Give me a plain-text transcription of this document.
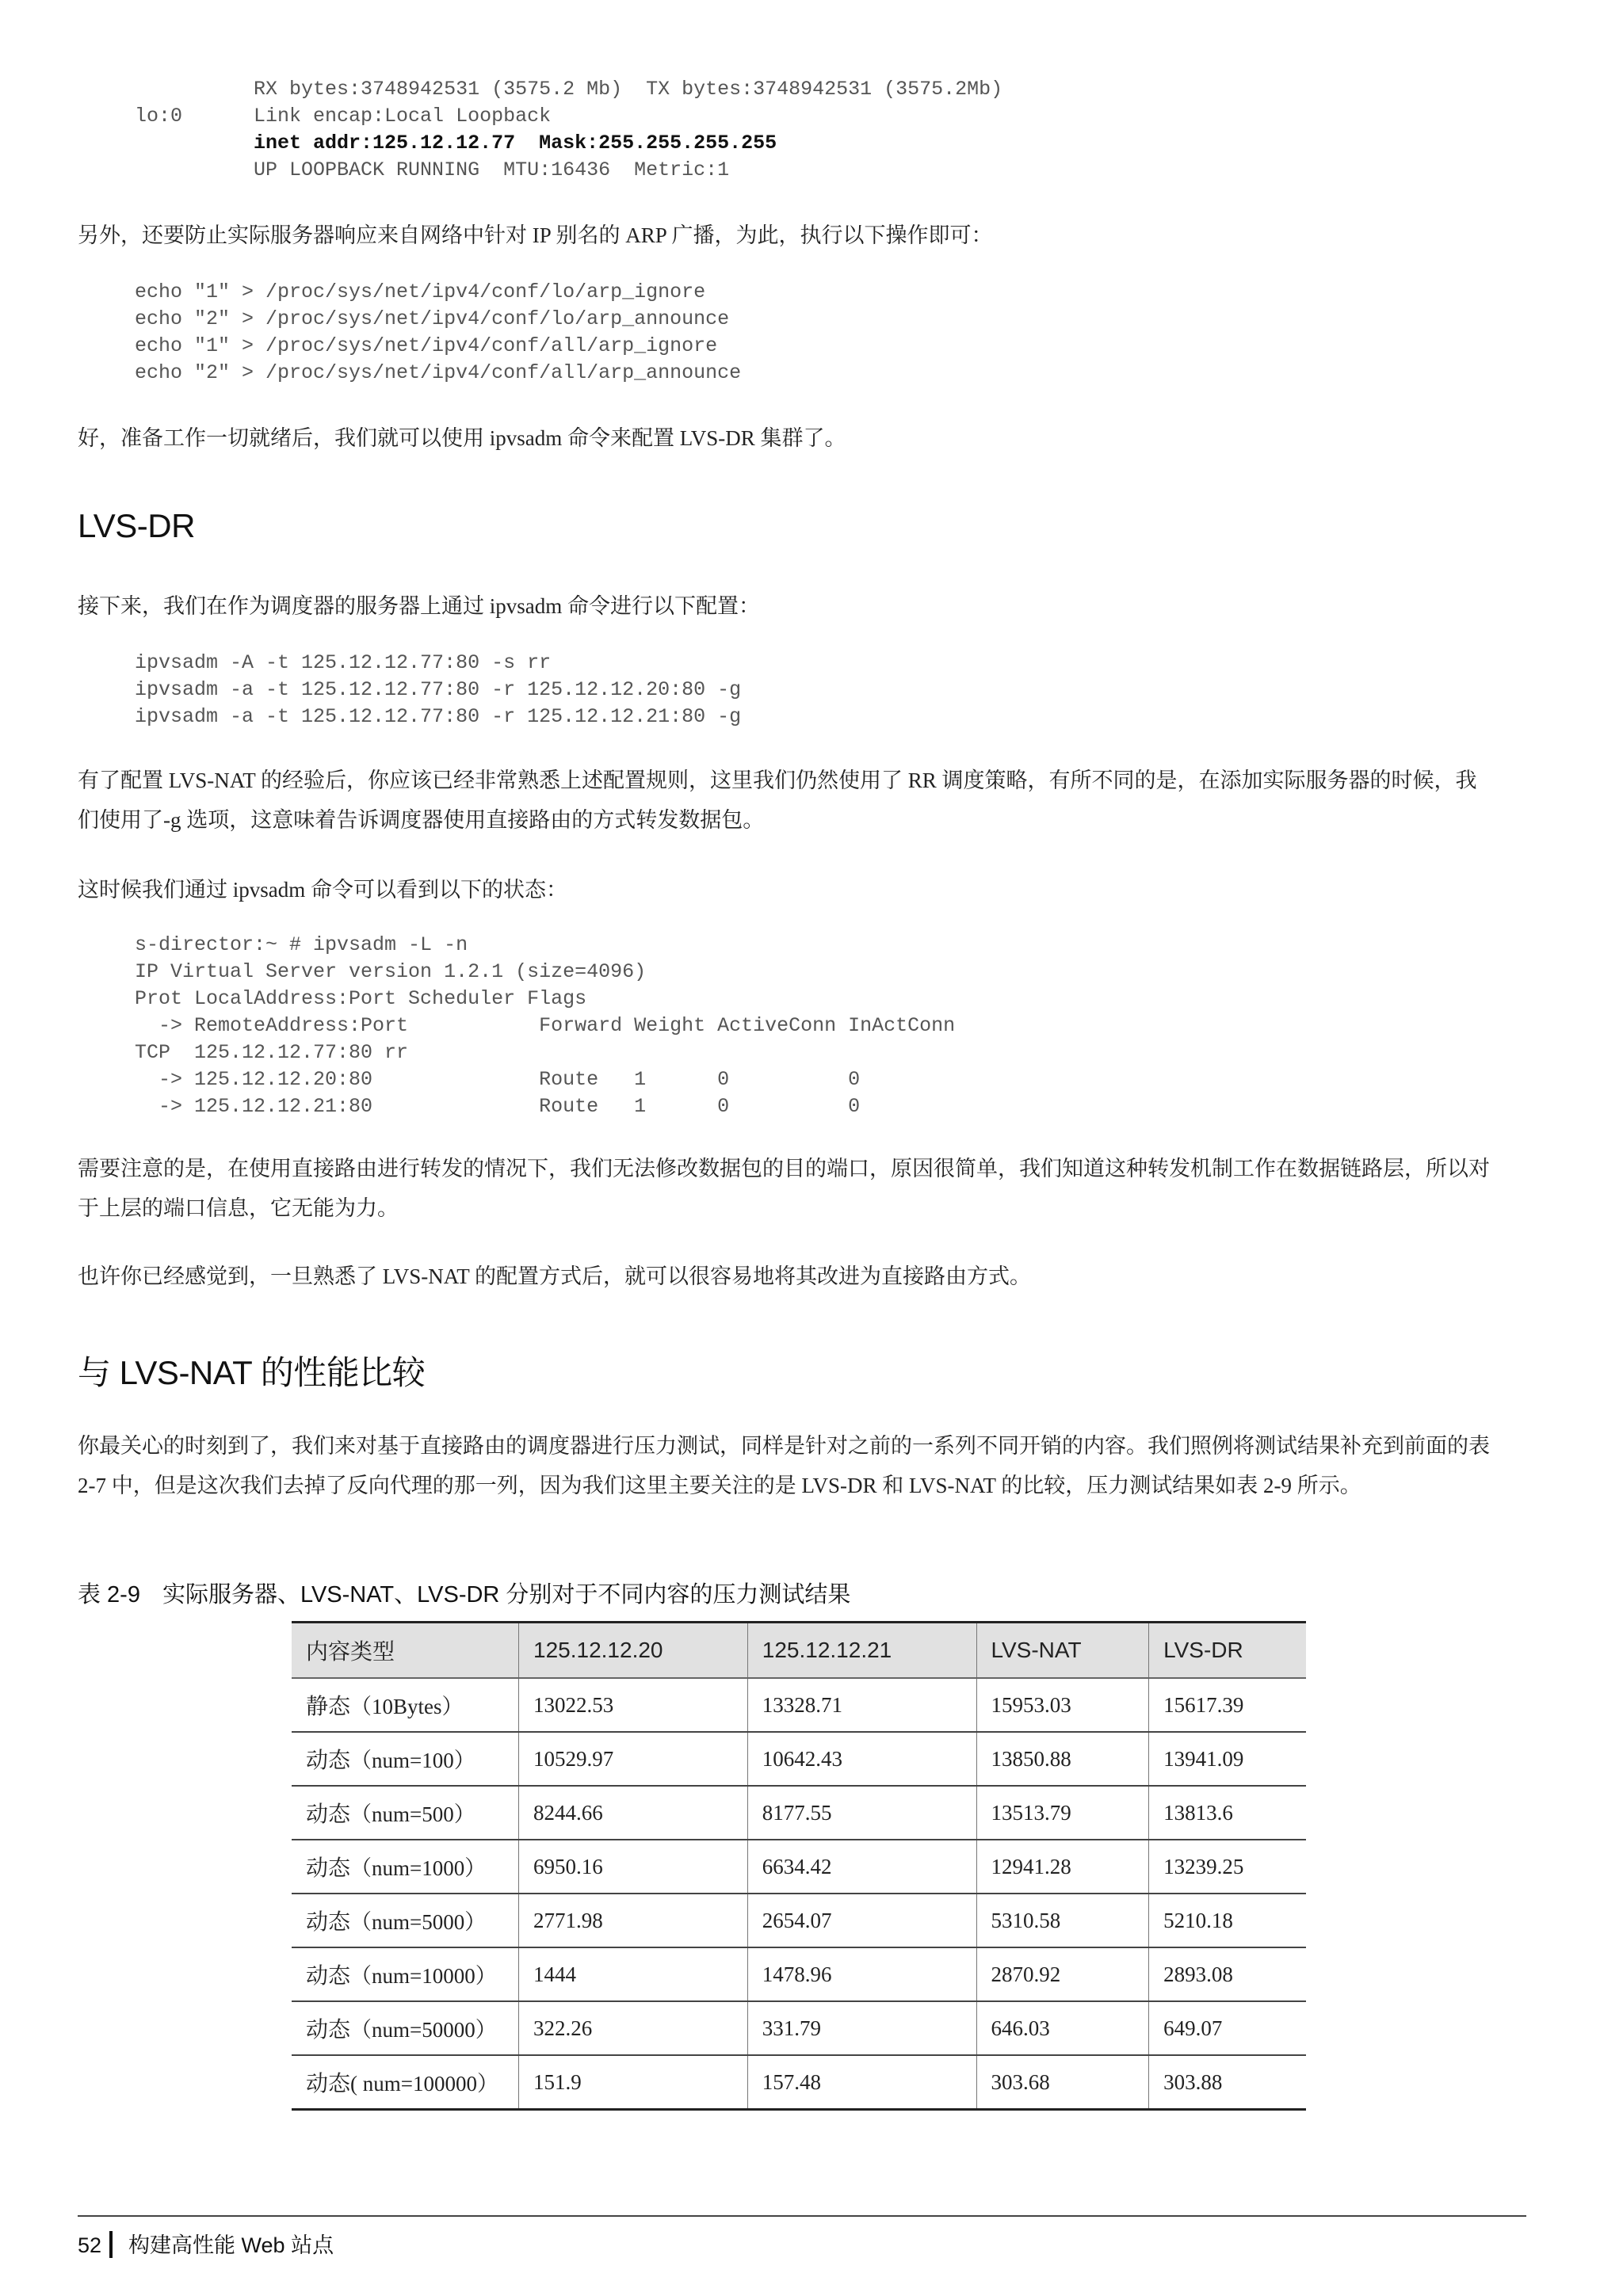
RX bytes:3748942531 (3575.2 Mb)  TX bytes:3748942531 (3575.2Mb)
lo:0      Link encap:Local Loopback
inet addr:125.12.12.77  Mask:255.255.255.255
UP LOOPBACK RUNNING  MTU:16436  Metric:1

另外，还要防止实际服务器响应来自网络中针对 IP 别名的 ARP 广播，为此，执行以下操作即可：

echo "1" > /proc/sys/net/ipv4/conf/lo/arp_ignore
echo "2" > /proc/sys/net/ipv4/conf/lo/arp_announce
echo "1" > /proc/sys/net/ipv4/conf/all/arp_ignore
echo "2" > /proc/sys/net/ipv4/conf/all/arp_announce

好，准备工作一切就绪后，我们就可以使用 ipvsadm 命令来配置 LVS-DR 集群了。

LVS-DR

接下来，我们在作为调度器的服务器上通过 ipvsadm 命令进行以下配置：

ipvsadm -A -t 125.12.12.77:80 -s rr
ipvsadm -a -t 125.12.12.77:80 -r 125.12.12.20:80 -g
ipvsadm -a -t 125.12.12.77:80 -r 125.12.12.21:80 -g

有了配置 LVS-NAT 的经验后，你应该已经非常熟悉上述配置规则，这里我们仍然使用了 RR 调度策略，有所不同的是，在添加实际服务器的时候，我们使用了-g 选项，这意味着告诉调度器使用直接路由的方式转发数据包。

这时候我们通过 ipvsadm 命令可以看到以下的状态：

s-director:~ # ipvsadm -L -n
IP Virtual Server version 1.2.1 (size=4096)
Prot LocalAddress:Port Scheduler Flags
-> RemoteAddress:Port           Forward Weight ActiveConn InActConn
TCP  125.12.12.77:80 rr
-> 125.12.12.20:80              Route   1      0          0
-> 125.12.12.21:80              Route   1      0          0

需要注意的是，在使用直接路由进行转发的情况下，我们无法修改数据包的目的端口，原因很简单，我们知道这种转发机制工作在数据链路层，所以对于上层的端口信息，它无能为力。

也许你已经感觉到，一旦熟悉了 LVS-NAT 的配置方式后，就可以很容易地将其改进为直接路由方式。

与 LVS-NAT 的性能比较

你最关心的时刻到了，我们来对基于直接路由的调度器进行压力测试，同样是针对之前的一系列不同开销的内容。我们照例将测试结果补充到前面的表 2-7 中，但是这次我们去掉了反向代理的那一列，因为我们这里主要关注的是 LVS-DR 和 LVS-NAT 的比较，压力测试结果如表 2-9 所示。

表 2-9 实际服务器、LVS-NAT、LVS-DR 分别对于不同内容的压力测试结果

内容类型	125.12.12.20	125.12.12.21	LVS-NAT	LVS-DR
静态（10Bytes）	13022.53	13328.71	15953.03	15617.39
动态（num=100）	10529.97	10642.43	13850.88	13941.09
动态（num=500）	8244.66	8177.55	13513.79	13813.6
动态（num=1000）	6950.16	6634.42	12941.28	13239.25
动态（num=5000）	2771.98	2654.07	5310.58	5210.18
动态（num=10000）	1444	1478.96	2870.92	2893.08
动态（num=50000）	322.26	331.79	646.03	649.07
动态( num=100000）	151.9	157.48	303.68	303.88
52 构建高性能 Web 站点
